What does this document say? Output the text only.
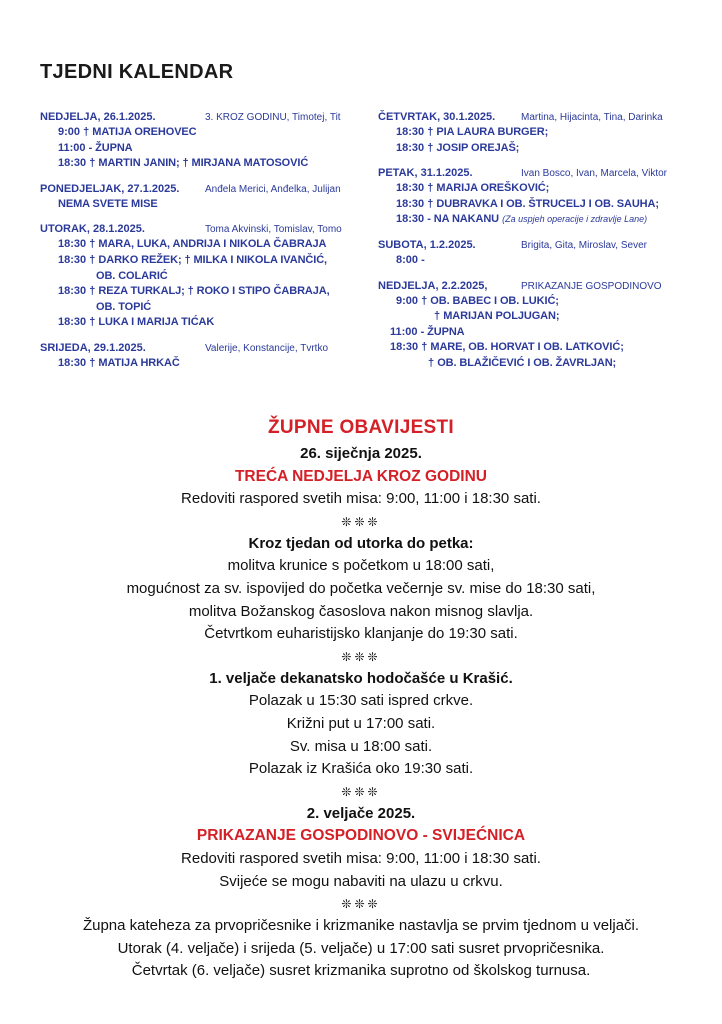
TJEDNI KALENDAR
NEDJELJA, 26.1.2025.	3. KROZ GODINU, Timotej, Tit
9:00 † MATIJA OREHOVEC
11:00 - ŽUPNA
18:30 † MARTIN JANIN; † MIRJANA MATOSOVIĆ
PONEDJELJAK, 27.1.2025.	Anđela Merici, Anđelka, Julijan
NEMA SVETE MISE
UTORAK, 28.1.2025.	Toma Akvinski, Tomislav, Tomo
18:30 † MARA, LUKA, ANDRIJA I NIKOLA ČABRAJA
18:30 † DARKO REŽEK; † MILKA I NIKOLA IVANČIĆ,
OB. COLARIĆ
18:30 † REZA TURKALJ; † ROKO I STIPO ČABRAJA,
OB. TOPIĆ
18:30 † LUKA I MARIJA TIĆAK
SRIJEDA, 29.1.2025.	Valerije, Konstancije, Tvrtko
18:30 † MATIJA HRKAČ
ČETVRTAK, 30.1.2025.	Martina, Hijacinta, Tina, Darinka
18:30 † PIA LAURA BURGER;
18:30 † JOSIP OREJAŠ;
PETAK, 31.1.2025.	Ivan Bosco, Ivan, Marcela, Viktor
18:30 † MARIJA OREŠKOVIĆ;
18:30 † DUBRAVKA I OB. ŠTRUCELJ I OB. SAUHA;
18:30 - NA NAKANU (Za uspjeh operacije i zdravlje Lane)
SUBOTA, 1.2.2025.	Brigita, Gita, Miroslav, Sever
8:00 -
NEDJELJA, 2.2.2025,	PRIKAZANJE GOSPODINOVO
9:00 † OB. BABEC I OB. LUKIĆ;
† MARIJAN POLJUGAN;
11:00 - ŽUPNA
18:30 † MARE, OB. HORVAT I OB. LATKOVIĆ;
† OB. BLAŽIČEVIĆ I OB. ŽAVRLJAN;
ŽUPNE OBAVIJESTI
26. siječnja 2025.
TREĆA NEDJELJA KROZ GODINU
Redoviti raspored svetih misa: 9:00, 11:00 i 18:30 sati.
❊❊❊
Kroz tjedan od utorka do petka:
molitva krunice s početkom u 18:00 sati,
mogućnost za sv. ispovijed do početka večernje sv. mise do 18:30 sati,
molitva Božanskog časoslova nakon misnog slavlja.
Četvrtkom euharistijsko klanjanje do 19:30 sati.
❊❊❊
1. veljače dekanatsko hodočašće u Krašić.
Polazak u 15:30 sati ispred crkve.
Križni put u 17:00 sati.
Sv. misa u 18:00 sati.
Polazak iz Krašića oko 19:30 sati.
❊❊❊
2. veljače 2025.
PRIKAZANJE GOSPODINOVO - SVIJEĆNICA
Redoviti raspored svetih misa: 9:00, 11:00 i 18:30 sati.
Svijeće se mogu nabaviti na ulazu u crkvu.
❊❊❊
Župna kateheza za prvopričesnike i krizmanike nastavlja se prvim tjednom u veljači.
Utorak (4. veljače) i srijeda (5. veljače) u 17:00 sati susret prvopričesnika.
Četvrtak (6. veljače) susret krizmanika suprotno od školskog turnusa.
